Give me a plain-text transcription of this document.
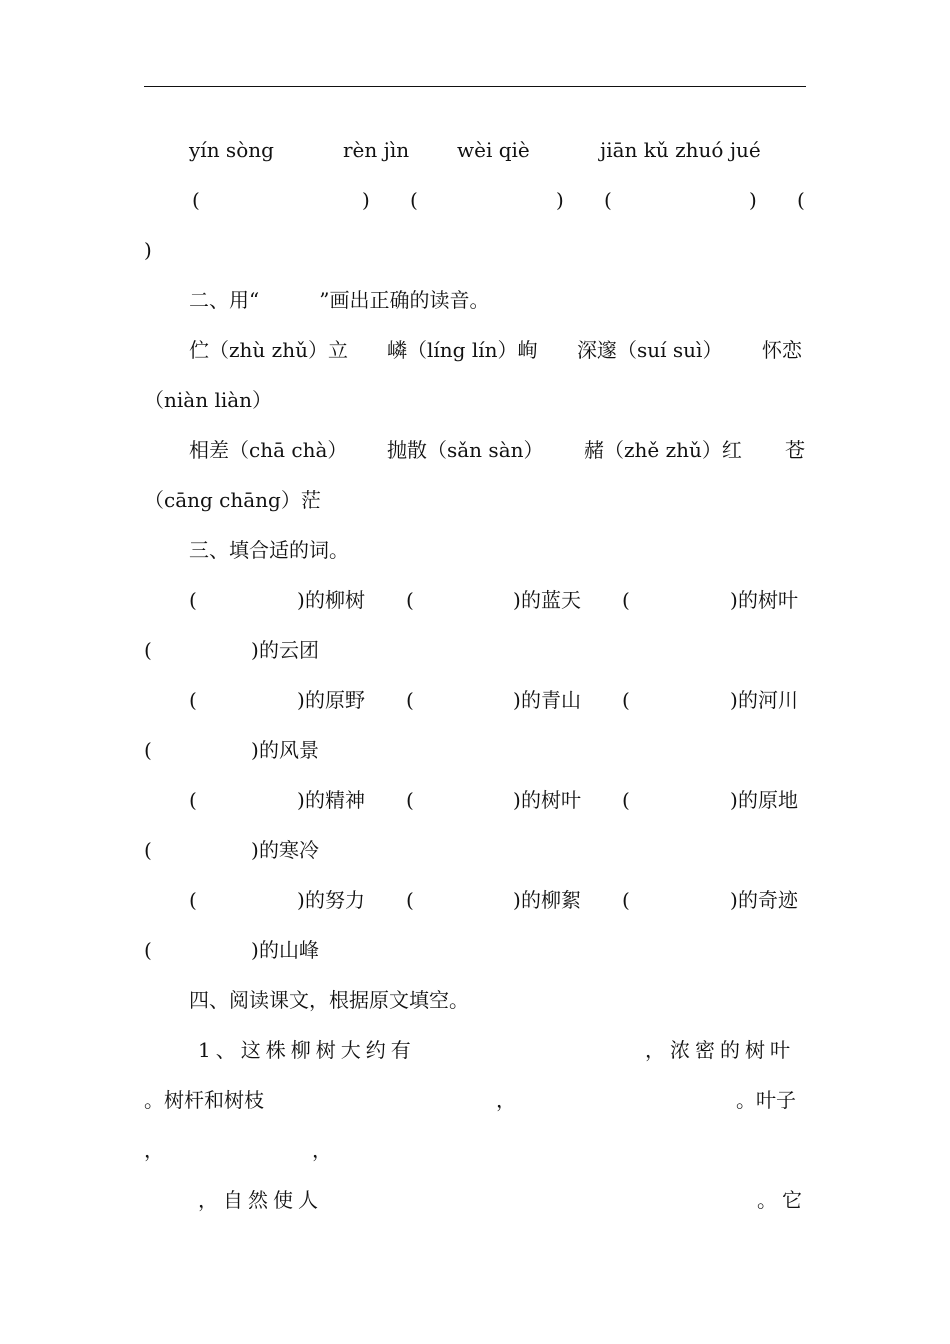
yín sòng	rèn jìn wèi qiè	jiān kǔ zhuó jué
(	) (	) (	) (
)
二、用“　　　”画出正确的读音。
伫（zhù zhǔ）立 嶙（líng lín）峋 深邃（suí suì） 怀恋
（niàn liàn）
相差（chā chà） 抛散（sǎn sàn） 赭（zhě zhǔ）红 苍
（cāng chāng）茫
三、填合适的词。
(	) 的柳树 (	) 的蓝天 (	) 的树叶
(	) 的云团
(	) 的原野 (	) 的青山 (	) 的河川
(	) 的风景
(	) 的精神 (	) 的树叶 (	) 的原地
(	) 的寒冷
(	) 的努力 (	) 的柳絮 (	) 的奇迹
(	) 的山峰
四、阅读课文，根据原文填空。
1、这株柳树大约有	，浓密的树叶
。树杆和树枝	，	。叶子
，	，
，自然使人	。它
